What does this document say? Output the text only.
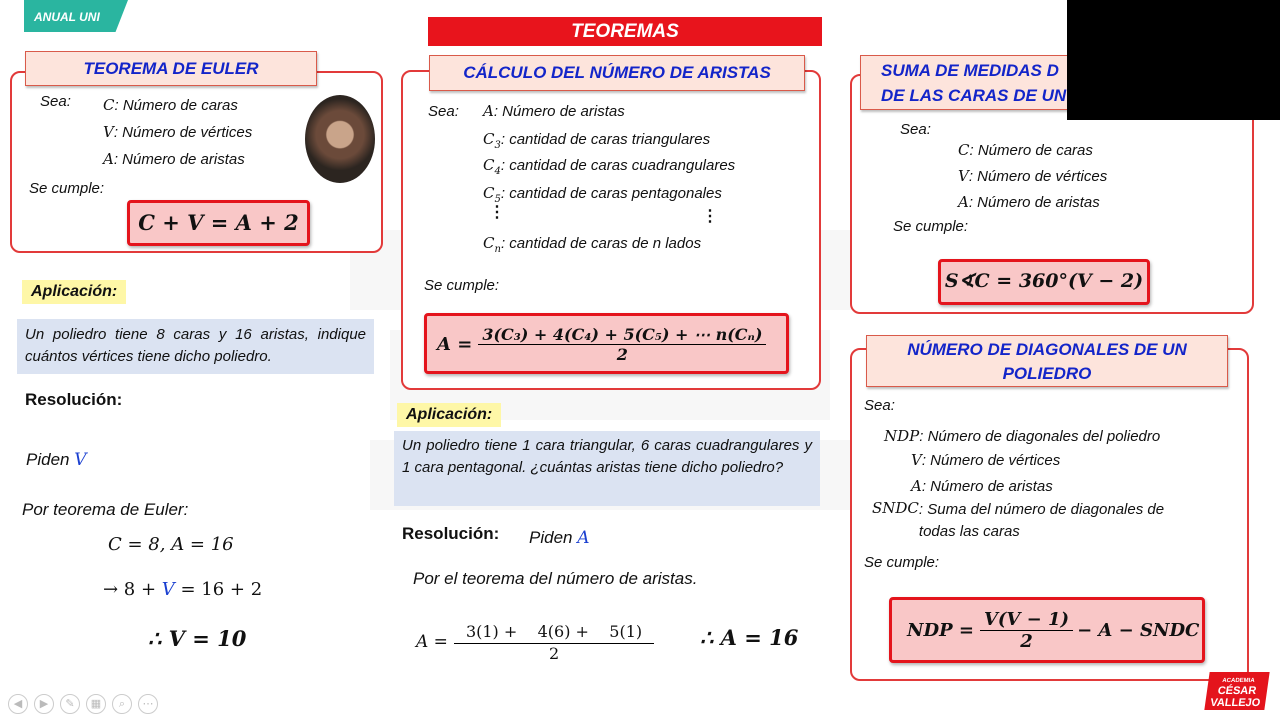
ANUAL UNI
TEOREMAS
TEOREMA DE EULER
Sea: C: Número de caras
V: Número de vértices
A: Número de aristas
Se cumple:
C + V = A + 2
Aplicación:
Un poliedro tiene 8 caras y 16 aristas, indique cuántos vértices tiene dicho poliedro.
Resolución:
Piden V
Por teorema de Euler:
C = 8, A = 16
→ 8 + V = 16 + 2
∴ V = 10
CÁLCULO DEL NÚMERO DE ARISTAS
Sea: A: Número de aristas
$C_3$: cantidad de caras triangulares
$C_4$: cantidad de caras cuadrangulares
$C_5$: cantidad de caras pentagonales
⋮	⋮
$C_n$: cantidad de caras de n lados
Se cumple:
$A = \frac{\text{3(C₃) + 4(C₄) + 5(C₅) + ⋯ n(Cₙ)}}{2}$
Aplicación:
Un poliedro tiene 1 cara triangular, 6 caras cuadrangulares y 1 cara pentagonal. ¿cuántas aristas tiene dicho poliedro?
Resolución: Piden A
Por el teorema del número de aristas.
$A = \frac{3(1) + 4(6) + 5(1)}{2}$ ∴ A = 16
SUMA DE MEDIDAS D
DE LAS CARAS DE UN
Sea:
C: Número de caras
V: Número de vértices
A: Número de aristas
Se cumple:
S∢C = 360°(V − 2)
NÚMERO DE DIAGONALES DE UN POLIEDRO
Sea:
NDP: Número de diagonales del poliedro
V: Número de vértices
A: Número de aristas
SNDC : Suma del número de diagonales de todas las caras
Se cumple:
NDP = $\frac{V(V - 1)}{2} - A$ − SNDC
◀ ▶ ✎ ▦ ⌕ ⋯
ACADEMIA
CÉSAR
VALLEJO
